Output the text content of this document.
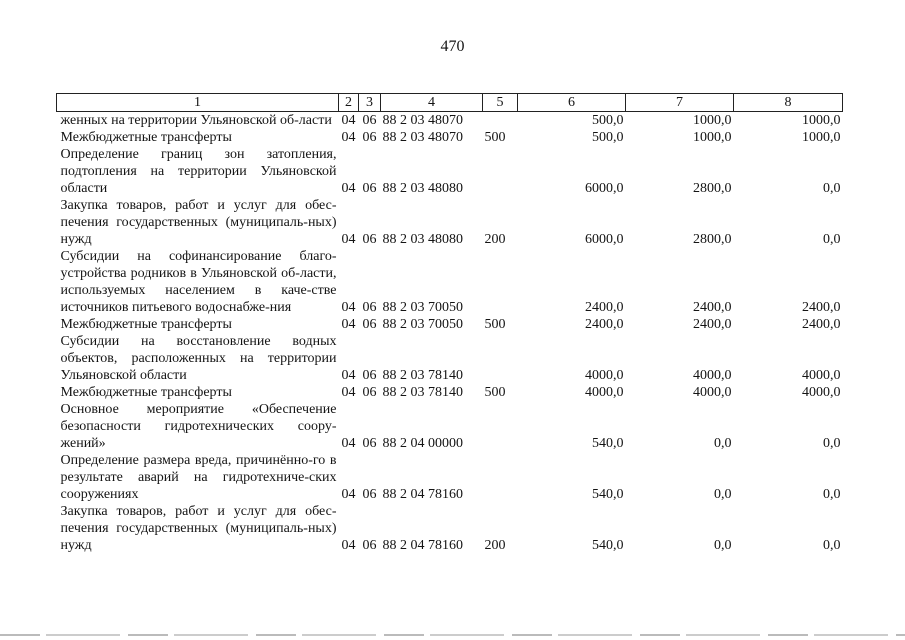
470
1	2	3	4	5	6	7	8
женных на территории Ульяновской об-ласти	04	06	88 2 03 48070		500,0	1000,0	1000,0
Межбюджетные трансферты	04	06	88 2 03 48070	500	500,0	1000,0	1000,0
Определение границ зон затопления, подтопления на территории Ульяновской области	04	06	88 2 03 48080		6000,0	2800,0	0,0
Закупка товаров, работ и услуг для обес-печения государственных (муниципаль-ных) нужд	04	06	88 2 03 48080	200	6000,0	2800,0	0,0
Субсидии на софинансирование благо-устройства родников в Ульяновской об-ласти, используемых населением в каче-стве источников питьевого водоснабже-ния	04	06	88 2 03 70050		2400,0	2400,0	2400,0
Межбюджетные трансферты	04	06	88 2 03 70050	500	2400,0	2400,0	2400,0
Субсидии на восстановление водных объектов, расположенных на территории Ульяновской области	04	06	88 2 03 78140		4000,0	4000,0	4000,0
Межбюджетные трансферты	04	06	88 2 03 78140	500	4000,0	4000,0	4000,0
Основное мероприятие «Обеспечение безопасности гидротехнических соору-жений»	04	06	88 2 04 00000		540,0	0,0	0,0
Определение размера вреда, причинённо-го в результате аварий на гидротехниче-ских сооружениях	04	06	88 2 04 78160		540,0	0,0	0,0
Закупка товаров, работ и услуг для обес-печения государственных (муниципаль-ных) нужд	04	06	88 2 04 78160	200	540,0	0,0	0,0
